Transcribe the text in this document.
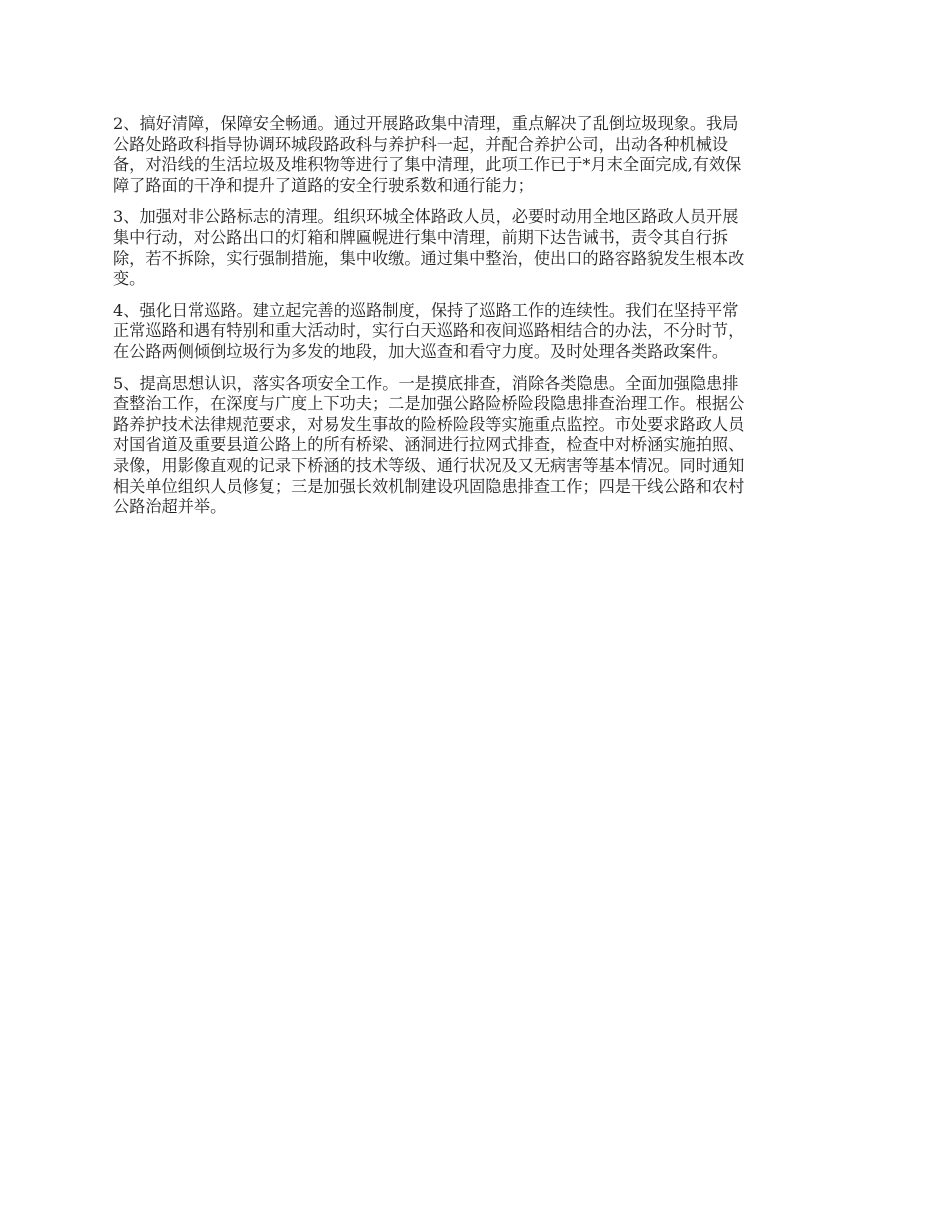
2、搞好清障，保障安全畅通。通过开展路政集中清理，重点解决了乱倒垃圾现象。我局
公路处路政科指导协调环城段路政科与养护科一起，并配合养护公司，出动各种机械设
备，对沿线的生活垃圾及堆积物等进行了集中清理，此项工作已于*月末全面完成,有效保
障了路面的干净和提升了道路的安全行驶系数和通行能力；

3、加强对非公路标志的清理。组织环城全体路政人员，必要时动用全地区路政人员开展
集中行动，对公路出口的灯箱和牌匾幌进行集中清理，前期下达告诫书，责令其自行拆
除，若不拆除，实行强制措施，集中收缴。通过集中整治，使出口的路容路貌发生根本改
变。

4、强化日常巡路。建立起完善的巡路制度，保持了巡路工作的连续性。我们在坚持平常
正常巡路和遇有特别和重大活动时，实行白天巡路和夜间巡路相结合的办法，不分时节，
在公路两侧倾倒垃圾行为多发的地段，加大巡查和看守力度。及时处理各类路政案件。

5、提高思想认识，落实各项安全工作。一是摸底排查，消除各类隐患。全面加强隐患排
查整治工作，在深度与广度上下功夫；二是加强公路险桥险段隐患排查治理工作。根据公
路养护技术法律规范要求，对易发生事故的险桥险段等实施重点监控。市处要求路政人员
对国省道及重要县道公路上的所有桥梁、涵洞进行拉网式排查，检查中对桥涵实施拍照、
录像，用影像直观的记录下桥涵的技术等级、通行状况及又无病害等基本情况。同时通知
相关单位组织人员修复；三是加强长效机制建设巩固隐患排查工作；四是干线公路和农村
公路治超并举。
